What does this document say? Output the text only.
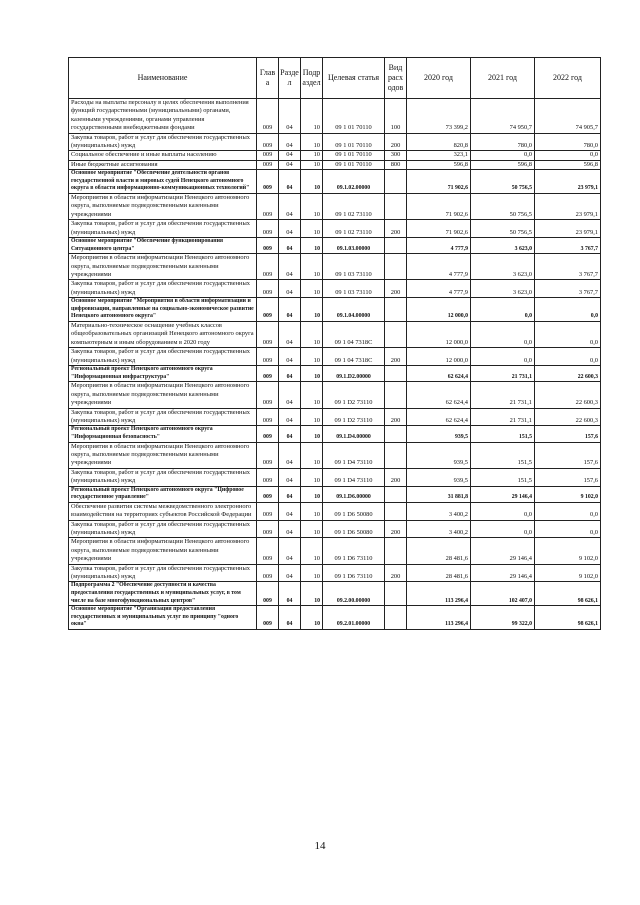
Наименование	Глав а	Разде л	Подр аздел	Целевая статья	Вид расх одов	2020 год	2021 год	2022 год
Расходы на выплаты персоналу в целях обеспечения выполнения функций государственными (муниципальными) органами, казенными учреждениями, органами управления государственными внебюджетными фондами	009	04	10	09 1 01 70110	100	73 399,2	74 950,7	74 905,7
Закупка товаров, работ и услуг для обеспечения государственных (муниципальных) нужд	009	04	10	09 1 01 70110	200	820,8	780,0	780,0
Социальное обеспечение и иные выплаты населению	009	04	10	09 1 01 70110	300	323,1	0,0	0,0
Иные бюджетные ассигнования	009	04	10	09 1 01 70110	800	596,8	596,8	596,8
Основное мероприятие "Обеспечение деятельности органов государственной власти и мировых судей Ненецкого автономного округа в области информационно-коммуникационных технологий"	009	04	10	09.1.02.00000		71 902,6	50 756,5	23 979,1
Мероприятия в области информатизации Ненецкого автономного округа, выполняемые подведомственными казенными учреждениями	009	04	10	09 1 02 73110		71 902,6	50 756,5	23 979,1
Закупка товаров, работ и услуг для обеспечения государственных (муниципальных) нужд	009	04	10	09 1 02 73110	200	71 902,6	50 756,5	23 979,1
Основное мероприятие "Обеспечение функционирования Ситуационного центра"	009	04	10	09.1.03.00000		4 777,9	3 623,0	3 767,7
Мероприятия в области информатизации Ненецкого автономного округа, выполняемые подведомственными казенными учреждениями	009	04	10	09 1 03 73110		4 777,9	3 623,0	3 767,7
Закупка товаров, работ и услуг для обеспечения государственных (муниципальных) нужд	009	04	10	09 1 03 73110	200	4 777,9	3 623,0	3 767,7
Основное мероприятие "Мероприятия в области информатизации и цифровизации, направленные на социально-экономическое развитие Ненецкого автономного округа"	009	04	10	09.1.04.00000		12 000,0	0,0	0,0
Материально-техническое оснащение учебных классов общеобразовательных организаций Ненецкого автономного округа компьютерным и иным оборудованием в 2020 году	009	04	10	09 1 04 7318C		12 000,0	0,0	0,0
Закупка товаров, работ и услуг для обеспечения государственных (муниципальных) нужд	009	04	10	09 1 04 7318C	200	12 000,0	0,0	0,0
Региональный проект Ненецкого автономного округа "Информационная инфраструктура"	009	04	10	09.1.D2.00000		62 624,4	21 731,1	22 600,3
Мероприятия в области информатизации Ненецкого автономного округа, выполняемые подведомственными казенными учреждениями	009	04	10	09 1 D2 73110		62 624,4	21 731,1	22 600,3
Закупка товаров, работ и услуг для обеспечения государственных (муниципальных) нужд	009	04	10	09 1 D2 73110	200	62 624,4	21 731,1	22 600,3
Региональный проект Ненецкого автономного округа "Информационная безопасность"	009	04	10	09.1.D4.00000		939,5	151,5	157,6
Мероприятия в области информатизации Ненецкого автономного округа, выполняемые подведомственными казенными учреждениями	009	04	10	09 1 D4 73110		939,5	151,5	157,6
Закупка товаров, работ и услуг для обеспечения государственных (муниципальных) нужд	009	04	10	09 1 D4 73110	200	939,5	151,5	157,6
Региональный проект Ненецкого автономного округа "Цифровое государственное управление"	009	04	10	09.1.D6.00000		31 881,8	29 146,4	9 102,0
Обеспечение развития системы межведомственного электронного взаимодействия на территориях субъектов Российской Федерации	009	04	10	09 1 D6 50080		3 400,2	0,0	0,0
Закупка товаров, работ и услуг для обеспечения государственных (муниципальных) нужд	009	04	10	09 1 D6 50080	200	3 400,2	0,0	0,0
Мероприятия в области информатизации Ненецкого автономного округа, выполняемые подведомственными казенными учреждениями	009	04	10	09 1 D6 73110		28 481,6	29 146,4	9 102,0
Закупка товаров, работ и услуг для обеспечения государственных (муниципальных) нужд	009	04	10	09 1 D6 73110	200	28 481,6	29 146,4	9 102,0
Подпрограмма 2 "Обеспечение доступности и качества предоставления государственных и муниципальных услуг, в том числе на базе многофункциональных центров"	009	04	10	09.2.00.00000		113 296,4	102 407,0	98 626,1
Основное мероприятие "Организация предоставления государственных и муниципальных услуг по принципу "одного окна"	009	04	10	09.2.01.00000		113 296,4	99 322,0	98 626,1
14
